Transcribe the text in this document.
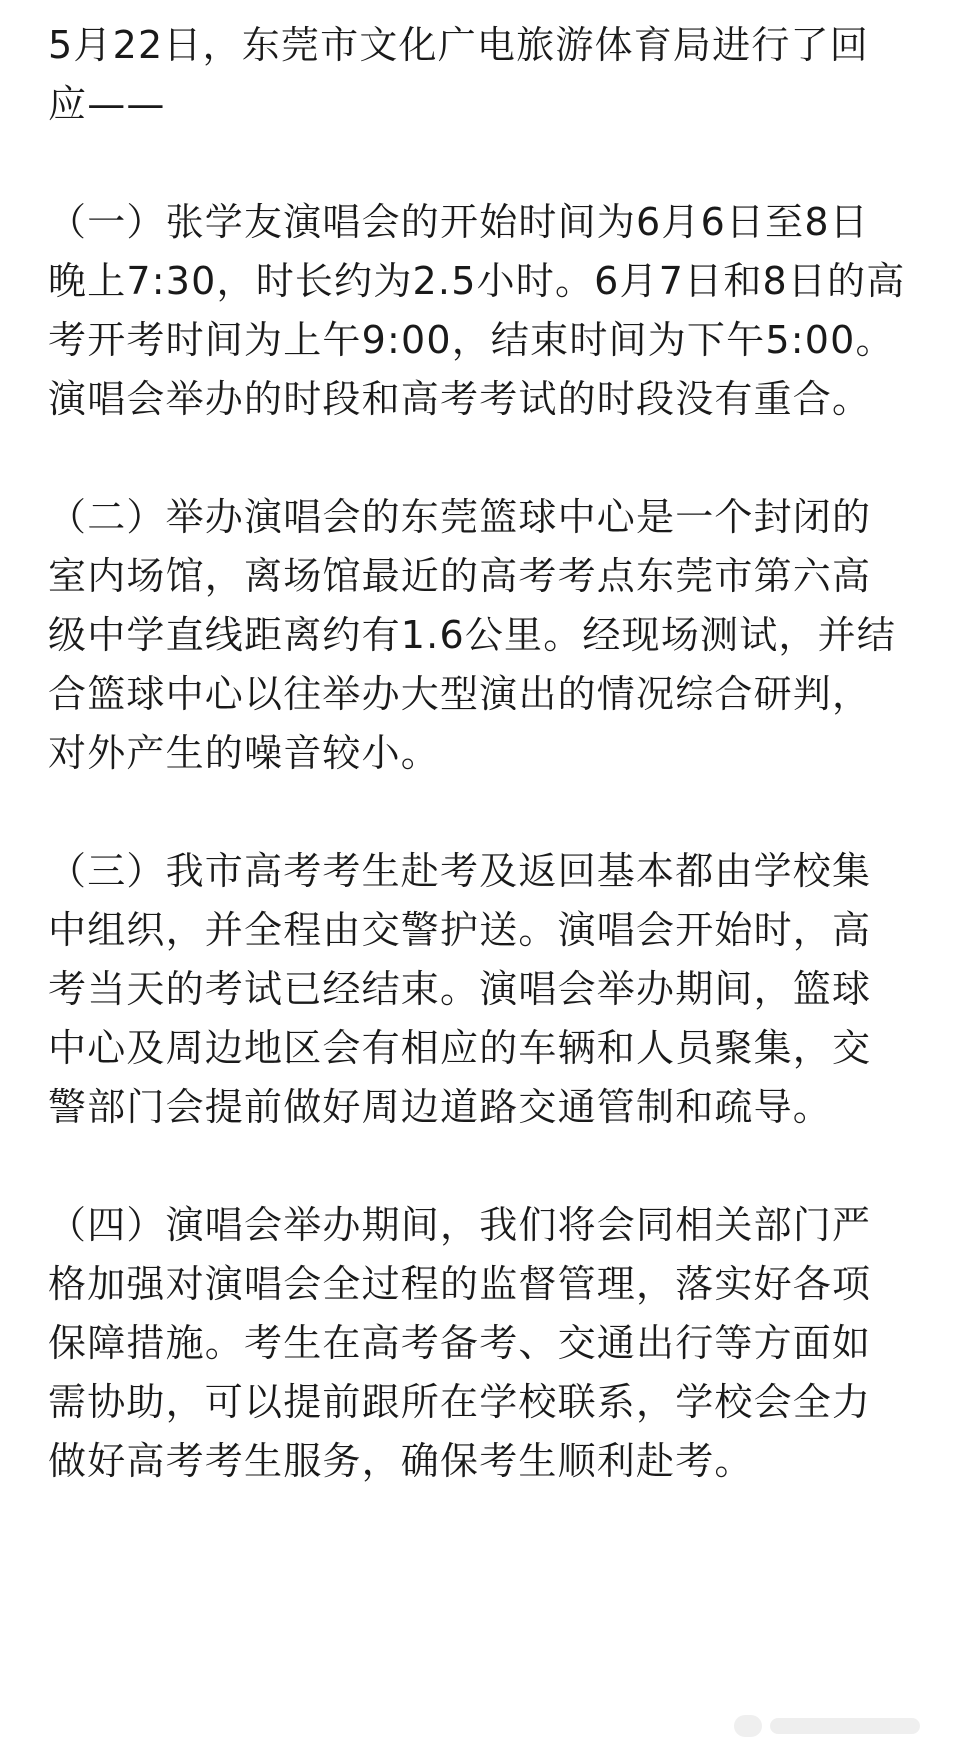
5月22日，东莞市文化广电旅游体育局进行了回
应——

（一）张学友演唱会的开始时间为6月6日至8日
晚上7:30，时长约为2.5小时。6月7日和8日的高
考开考时间为上午9:00，结束时间为下午5:00。
演唱会举办的时段和高考考试的时段没有重合。

（二）举办演唱会的东莞篮球中心是一个封闭的
室内场馆，离场馆最近的高考考点东莞市第六高
级中学直线距离约有1.6公里。经现场测试，并结
合篮球中心以往举办大型演出的情况综合研判，
对外产生的噪音较小。

（三）我市高考考生赴考及返回基本都由学校集
中组织，并全程由交警护送。演唱会开始时，高
考当天的考试已经结束。演唱会举办期间，篮球
中心及周边地区会有相应的车辆和人员聚集，交
警部门会提前做好周边道路交通管制和疏导。

（四）演唱会举办期间，我们将会同相关部门严
格加强对演唱会全过程的监督管理，落实好各项
保障措施。考生在高考备考、交通出行等方面如
需协助，可以提前跟所在学校联系，学校会全力
做好高考考生服务，确保考生顺利赴考。
